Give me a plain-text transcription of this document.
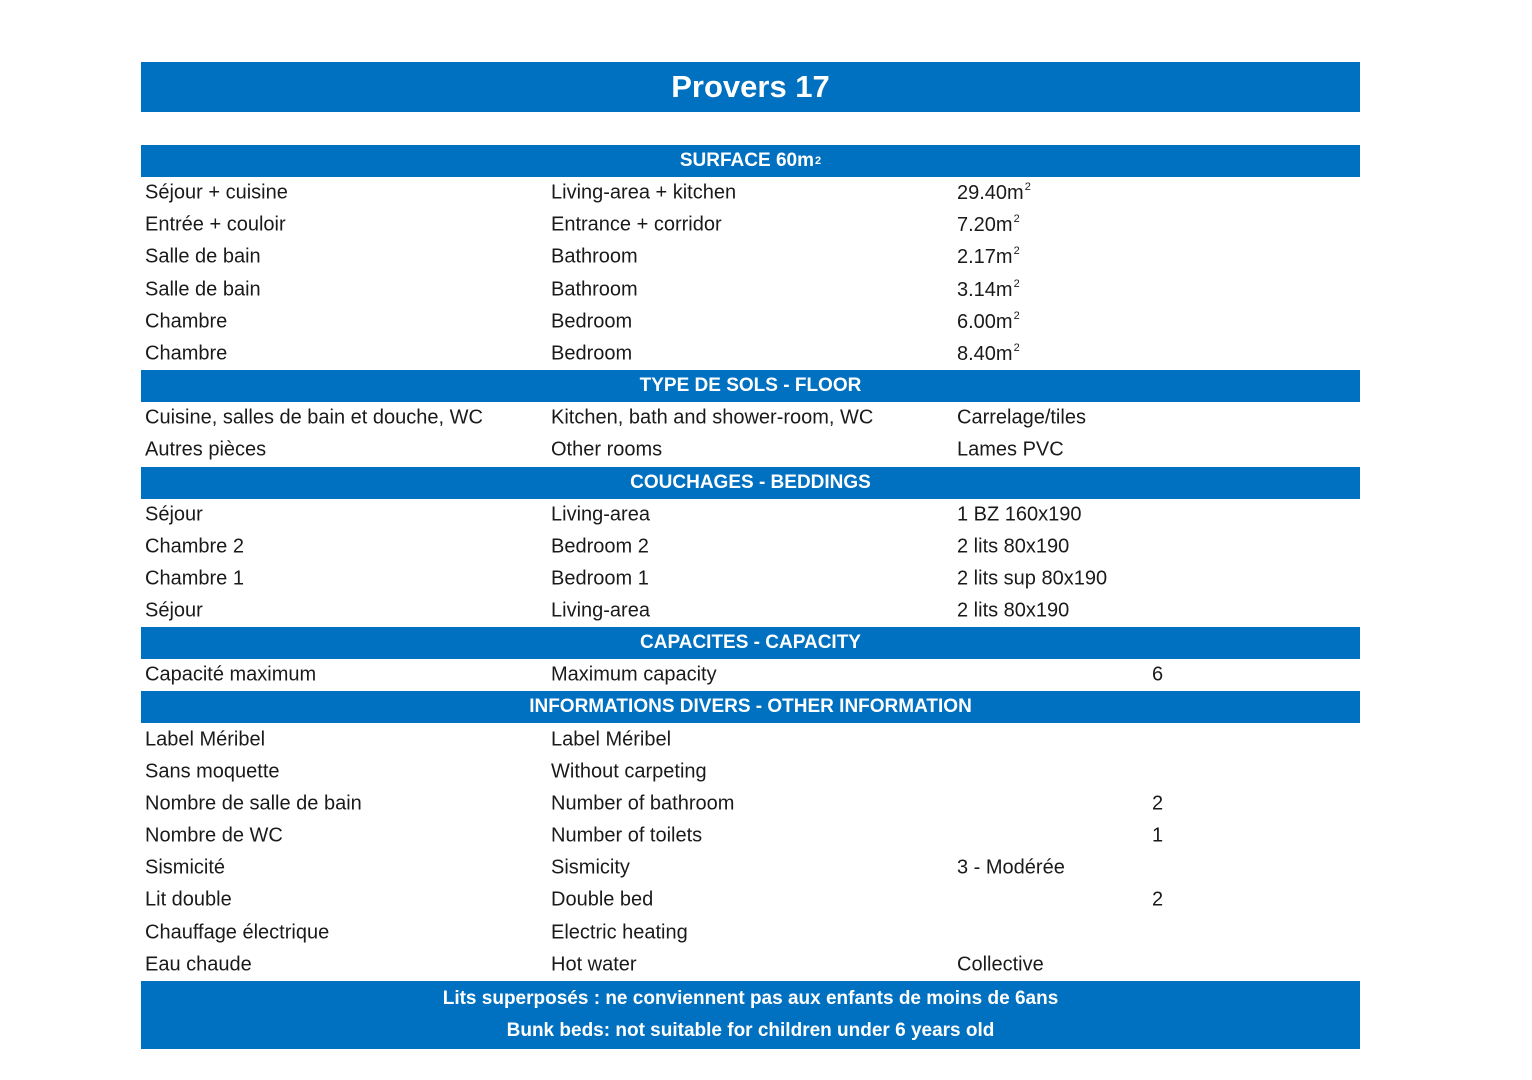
Provers 17
SURFACE 60m 2
Séjour + cuisine	Living-area + kitchen	$29.40m^2$
Entrée + couloir	Entrance + corridor	$7.20m^2$
Salle de bain	Bathroom	$2.17m^2$
Salle de bain	Bathroom	$3.14m^2$
Chambre	Bedroom	$6.00m^2$
Chambre	Bedroom	$8.40m^2$
TYPE DE SOLS - FLOOR
Cuisine, salles de bain et douche, WC	Kitchen, bath and shower-room, WC	Carrelage/tiles
Autres pièces	Other rooms	Lames PVC
COUCHAGES - BEDDINGS
Séjour	Living-area	1 BZ 160x190
Chambre 2	Bedroom 2	2 lits 80x190
Chambre 1	Bedroom 1	2 lits sup 80x190
Séjour	Living-area	2 lits 80x190
CAPACITES - CAPACITY
Capacité maximum	Maximum capacity	6
INFORMATIONS DIVERS - OTHER INFORMATION
Label Méribel	Label Méribel
Sans moquette	Without carpeting
Nombre de salle de bain	Number of bathroom	2
Nombre de WC	Number of toilets	1
Sismicité	Sismicity	3 - Modérée
Lit double	Double bed	2
Chauffage électrique	Electric heating
Eau chaude	Hot water	Collective
Lits superposés : ne conviennent pas aux enfants de moins de 6ans
Bunk beds: not suitable for children under 6 years old
